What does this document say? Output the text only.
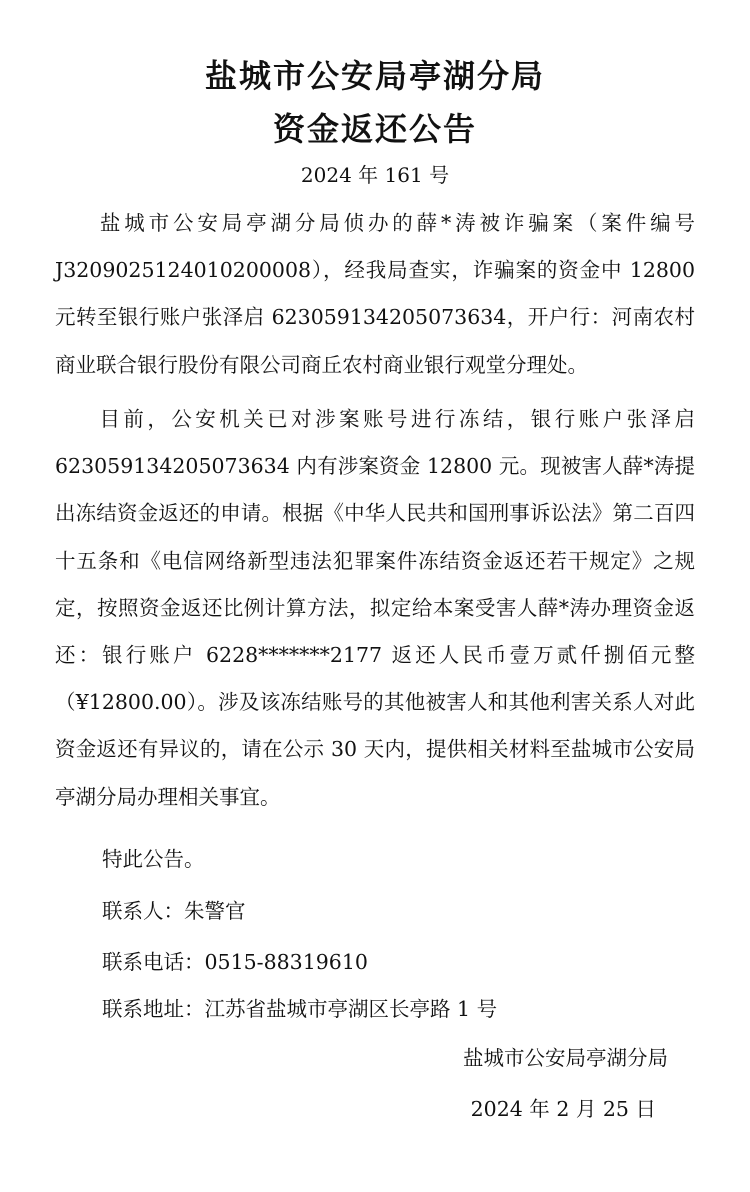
盐城市公安局亭湖分局
资金返还公告
2024 年 161 号

盐城市公安局亭湖分局侦办的薛*涛被诈骗案（案件编号J3209025124010200008），经我局查实，诈骗案的资金中 12800 元转至银行账户张泽启 623059134205073634，开户行：河南农村商业联合银行股份有限公司商丘农村商业银行观堂分理处。

目前，公安机关已对涉案账号进行冻结，银行账户张泽启623059134205073634 内有涉案资金 12800 元。现被害人薛*涛提出冻结资金返还的申请。根据《中华人民共和国刑事诉讼法》第二百四十五条和《电信网络新型违法犯罪案件冻结资金返还若干规定》之规定，按照资金返还比例计算方法，拟定给本案受害人薛*涛办理资金返还：银行账户 6228*******2177 返还人民币壹万贰仟捌佰元整（¥12800.00）。涉及该冻结账号的其他被害人和其他利害关系人对此资金返还有异议的，请在公示 30 天内，提供相关材料至盐城市公安局亭湖分局办理相关事宜。

特此公告。

联系人：朱警官

联系电话：0515-88319610

联系地址：江苏省盐城市亭湖区长亭路 1 号

盐城市公安局亭湖分局
2024 年 2 月 25 日
